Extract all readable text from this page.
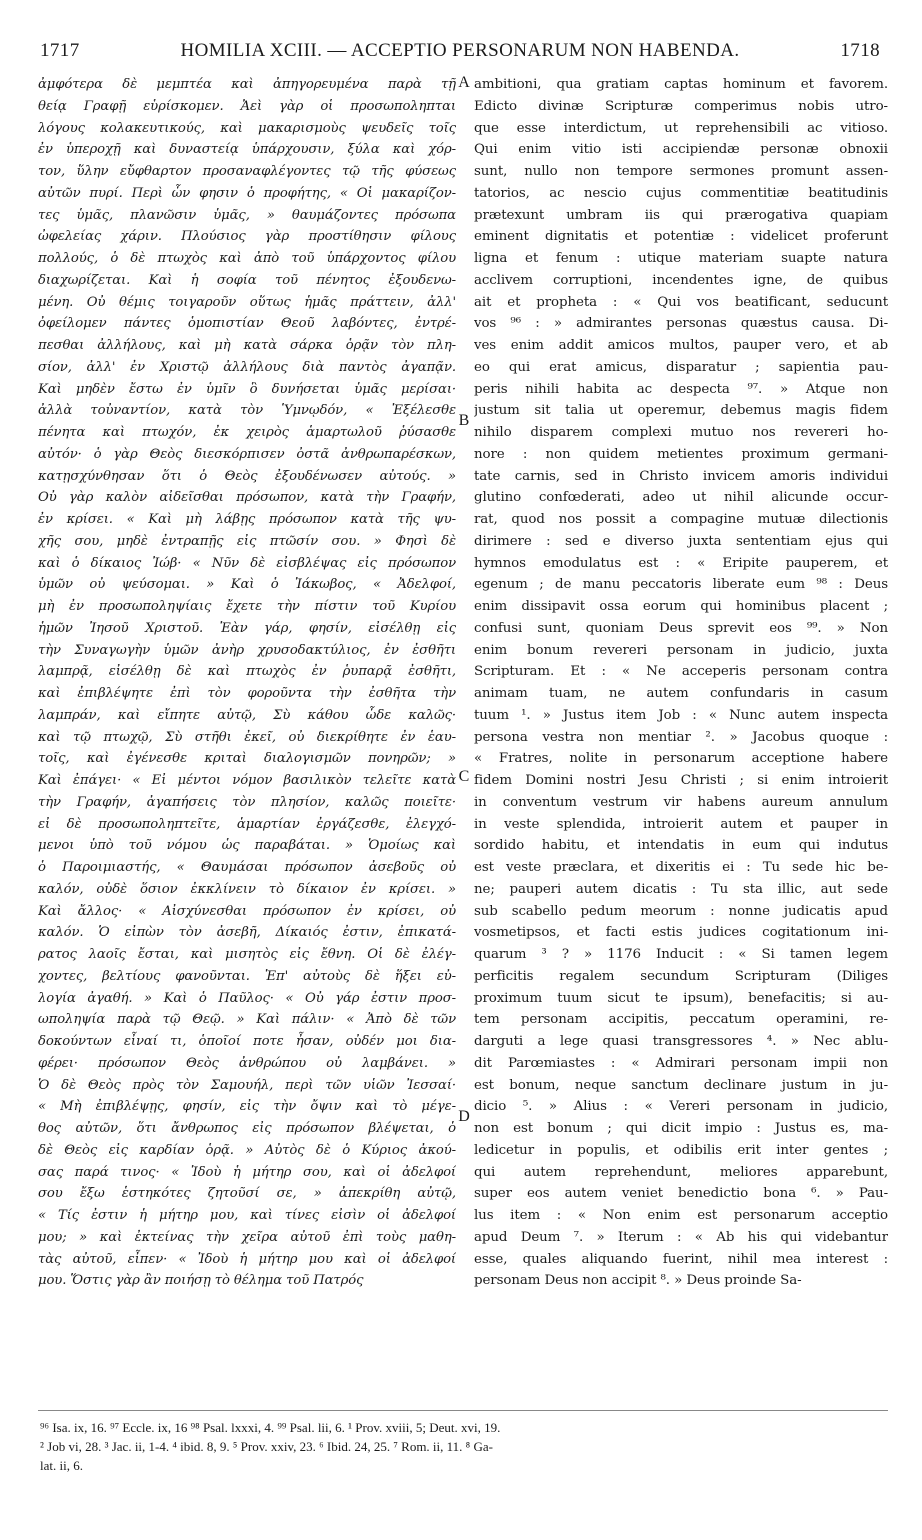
1717	HOMILIA XCIII. — ACCEPTIO PERSONARUM NON HABENDA.	1718
ἀμφότερα δὲ μεμπτέα καὶ ἀπηγορευμένα παρὰ τῇ
θείᾳ Γραφῇ εὑρίσκομεν. Ἀεὶ γὰρ οἱ προσωποληπται
λόγους κολακευτικούς, καὶ μακαρισμοὺς ψευδεῖς τοῖς
ἐν ὑπεροχῇ καὶ δυναστείᾳ ὑπάρχουσιν, ξύλα καὶ χόρ-
τον, ὕλην εὔφθαρτον προσαναφλέγοντες τῷ τῆς φύσεως
αὐτῶν πυρί. Περὶ ὧν φησιν ὁ προφήτης, « Οἱ μακαρίζον-
τες ὑμᾶς, πλανῶσιν ὑμᾶς, » θαυμάζοντες πρόσωπα
ὠφελείας χάριν. Πλούσιος γὰρ προστίθησιν φίλους
πολλούς, ὁ δὲ πτωχὸς καὶ ἀπὸ τοῦ ὑπάρχοντος φίλου
διαχωρίζεται. Καὶ ἡ σοφία τοῦ πένητος ἐξουδενω-
μένη. Οὐ θέμις τοιγαροῦν οὕτως ἡμᾶς πράττειν, ἀλλ'
ὀφείλομεν πάντες ὁμοπιστίαν Θεοῦ λαβόντες, ἐντρέ-
πεσθαι ἀλλήλους, καὶ μὴ κατὰ σάρκα ὁρᾷν τὸν πλη-
σίον, ἀλλ' ἐν Χριστῷ ἀλλήλους διὰ παντὸς ἀγαπᾷν.
Καὶ μηδὲν ἔστω ἐν ὑμῖν ὃ δυνήσεται ὑμᾶς μερίσαι·
ἀλλὰ τοὐναντίον, κατὰ τὸν Ὑμνῳδόν, « Ἐξέλεσθε
πένητα καὶ πτωχόν, ἐκ χειρὸς ἁμαρτωλοῦ ῥύσασθε
αὐτόν· ὁ γὰρ Θεὸς διεσκόρπισεν ὀστᾶ ἀνθρωπαρέσκων,
κατῃσχύνθησαν ὅτι ὁ Θεὸς ἐξουδένωσεν αὐτούς. »
Οὐ γὰρ καλὸν αἰδεῖσθαι πρόσωπον, κατὰ τὴν Γραφήν,
ἐν κρίσει. « Καὶ μὴ λάβῃς πρόσωπον κατὰ τῆς ψυ-
χῆς σου, μηδὲ ἐντραπῇς εἰς πτῶσίν σου. » Φησὶ δὲ
καὶ ὁ δίκαιος Ἰώβ· « Νῦν δὲ εἰσβλέψας εἰς πρόσωπον
ὑμῶν οὐ ψεύσομαι. » Καὶ ὁ Ἰάκωβος, « Ἀδελφοί,
μὴ ἐν προσωποληψίαις ἔχετε τὴν πίστιν τοῦ Κυρίου
ἡμῶν Ἰησοῦ Χριστοῦ. Ἐὰν γάρ, φησίν, εἰσέλθῃ εἰς
τὴν Συναγωγὴν ὑμῶν ἀνὴρ χρυσοδακτύλιος, ἐν ἐσθῆτι
λαμπρᾷ, εἰσέλθῃ δὲ καὶ πτωχὸς ἐν ῥυπαρᾷ ἐσθῆτι,
καὶ ἐπιβλέψητε ἐπὶ τὸν φοροῦντα τὴν ἐσθῆτα τὴν
λαμπράν, καὶ εἴπητε αὐτῷ, Σὺ κάθου ὧδε καλῶς·
καὶ τῷ πτωχῷ, Σὺ στῆθι ἐκεῖ, οὐ διεκρίθητε ἐν ἑαυ-
τοῖς, καὶ ἐγένεσθε κριταὶ διαλογισμῶν πονηρῶν; »
Καὶ ἐπάγει· « Εἰ μέντοι νόμον βασιλικὸν τελεῖτε κατὰ
τὴν Γραφήν, ἀγαπήσεις τὸν πλησίον, καλῶς ποιεῖτε·
εἰ δὲ προσωποληπτεῖτε, ἁμαρτίαν ἐργάζεσθε, ἐλεγχό-
μενοι ὑπὸ τοῦ νόμου ὡς παραβάται. » Ὁμοίως καὶ
ὁ Παροιμιαστής, « Θαυμάσαι πρόσωπον ἀσεβοῦς οὐ
καλόν, οὐδὲ ὅσιον ἐκκλίνειν τὸ δίκαιον ἐν κρίσει. »
Καὶ ἄλλος· « Αἰσχύνεσθαι πρόσωπον ἐν κρίσει, οὐ
καλόν. Ὁ εἰπὼν τὸν ἀσεβῆ, Δίκαιός ἐστιν, ἐπικατά-
ρατος λαοῖς ἔσται, καὶ μισητὸς εἰς ἔθνη. Οἱ δὲ ἐλέγ-
χοντες, βελτίους φανοῦνται. Ἐπ' αὐτοὺς δὲ ἥξει εὐ-
λογία ἀγαθή. » Καὶ ὁ Παῦλος· « Οὐ γάρ ἐστιν προσ-
ωποληψία παρὰ τῷ Θεῷ. » Καὶ πάλιν· « Ἀπὸ δὲ τῶν
δοκούντων εἶναί τι, ὁποῖοί ποτε ἦσαν, οὐδέν μοι δια-
φέρει· πρόσωπον Θεὸς ἀνθρώπου οὐ λαμβάνει. »
Ὁ δὲ Θεὸς πρὸς τὸν Σαμουήλ, περὶ τῶν υἱῶν Ἰεσσαί·
« Μὴ ἐπιβλέψῃς, φησίν, εἰς τὴν ὄψιν καὶ τὸ μέγε-
θος αὐτῶν, ὅτι ἄνθρωπος εἰς πρόσωπον βλέψεται, ὁ
δὲ Θεὸς εἰς καρδίαν ὁρᾷ. » Αὐτὸς δὲ ὁ Κύριος ἀκού-
σας παρά τινος· « Ἰδοὺ ἡ μήτηρ σου, καὶ οἱ ἀδελφοί
σου ἔξω ἑστηκότες ζητοῦσί σε, » ἀπεκρίθη αὐτῷ,
« Τίς ἐστιν ἡ μήτηρ μου, καὶ τίνες εἰσὶν οἱ ἀδελφοί
μου; » καὶ ἐκτείνας τὴν χεῖρα αὐτοῦ ἐπὶ τοὺς μαθη-
τὰς αὐτοῦ, εἶπεν· « Ἰδοὺ ἡ μήτηρ μου καὶ οἱ ἀδελφοί
μου. Ὅστις γὰρ ἂν ποιήσῃ τὸ θέλημα τοῦ Πατρός
ambitioni, qua gratiam captas hominum et favorem.
Edicto divinæ Scripturæ comperimus nobis utro-
que esse interdictum, ut reprehensibili ac vitioso.
Qui enim vitio isti accipiendæ personæ obnoxii
sunt, nullo non tempore sermones promunt assen-
tatorios, ac nescio cujus commentitiæ beatitudinis
prætexunt umbram iis qui prærogativa quapiam
eminent dignitatis et potentiæ : videlicet proferunt
ligna et fenum : utique materiam suapte natura
acclivem corruptioni, incendentes igne, de quibus
ait et propheta : « Qui vos beatificant, seducunt
vos ⁹⁶ : » admirantes personas quæstus causa. Di-
ves enim addit amicos multos, pauper vero, et ab
eo qui erat amicus, disparatur ; sapientia pau-
peris nihili habita ac despecta ⁹⁷. » Atque non
justum sit talia ut operemur, debemus magis fidem
nihilo disparem complexi mutuo nos revereri ho-
nore : non quidem metientes proximum germani-
tate carnis, sed in Christo invicem amoris individui
glutino confœderati, adeo ut nihil alicunde occur-
rat, quod nos possit a compagine mutuæ dilectionis
dirimere : sed e diverso juxta sententiam ejus qui
hymnos emodulatus est : « Eripite pauperem, et
egenum ; de manu peccatoris liberate eum ⁹⁸ : Deus
enim dissipavit ossa eorum qui hominibus placent ;
confusi sunt, quoniam Deus sprevit eos ⁹⁹. » Non
enim bonum revereri personam in judicio, juxta
Scripturam. Et : « Ne acceperis personam contra
animam tuam, ne autem confundaris in casum
tuum ¹. » Justus item Job : « Nunc autem inspecta
persona vestra non mentiar ². » Jacobus quoque :
« Fratres, nolite in personarum acceptione habere
fidem Domini nostri Jesu Christi ; si enim introierit
in conventum vestrum vir habens aureum annulum
in veste splendida, introierit autem et pauper in
sordido habitu, et intendatis in eum qui indutus
est veste præclara, et dixeritis ei : Tu sede hic be-
ne; pauperi autem dicatis : Tu sta illic, aut sede
sub scabello pedum meorum : nonne judicatis apud
vosmetipsos, et facti estis judices cogitationum ini-
quarum ³ ? » 1176 Inducit : « Si tamen legem
perficitis regalem secundum Scripturam (Diliges
proximum tuum sicut te ipsum), benefacitis; si au-
tem personam accipitis, peccatum operamini, re-
darguti a lege quasi transgressores ⁴. » Nec ablu-
dit Parœmiastes : « Admirari personam impii non
est bonum, neque sanctum declinare justum in ju-
dicio ⁵. » Alius : « Vereri personam in judicio,
non est bonum ; qui dicit impio : Justus es, ma-
ledicetur in populis, et odibilis erit inter gentes ;
qui autem reprehendunt, meliores apparebunt,
super eos autem veniet benedictio bona ⁶. » Pau-
lus item : « Non enim est personarum acceptio
apud Deum ⁷. » Iterum : « Ab his qui videbantur
esse, quales aliquando fuerint, nihil mea interest :
personam Deus non accipit ⁸. » Deus proinde Sa-
A
B
C
D
⁹⁶ Isa. ix, 16. ⁹⁷ Eccle. ix, 16 ⁹⁸ Psal. lxxxi, 4. ⁹⁹ Psal. lii, 6. ¹ Prov. xviii, 5; Deut. xvi, 19.
² Job vi, 28. ³ Jac. ii, 1-4. ⁴ ibid. 8, 9. ⁵ Prov. xxiv, 23. ⁶ Ibid. 24, 25. ⁷ Rom. ii, 11. ⁸ Ga-
lat. ii, 6.
